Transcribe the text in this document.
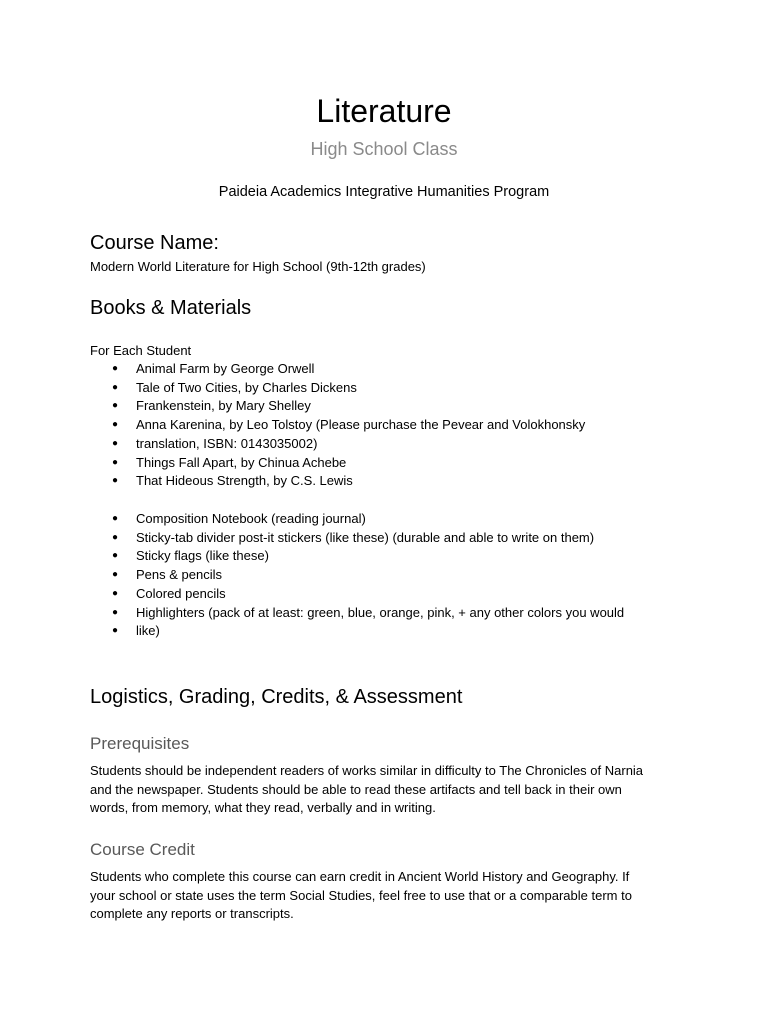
Literature
High School Class

Paideia Academics Integrative Humanities Program

Course Name:

Modern World Literature for High School (9th-12th grades)

Books & Materials

For Each Student

● Animal Farm by George Orwell
● Tale of Two Cities, by Charles Dickens
● Frankenstein, by Mary Shelley
● Anna Karenina, by Leo Tolstoy (Please purchase the Pevear and Volokhonsky
● translation, ISBN: 0143035002)
● Things Fall Apart, by Chinua Achebe
● That Hideous Strength, by C.S. Lewis
● Composition Notebook (reading journal)
● Sticky-tab divider post-it stickers (like these) (durable and able to write on them)
● Sticky flags (like these)
● Pens & pencils
● Colored pencils
● Highlighters (pack of at least: green, blue, orange, pink, + any other colors you would
● like)
Logistics, Grading, Credits, & Assessment
Prerequisites

Students should be independent readers of works similar in difficulty to The Chronicles of Narnia
and the newspaper. Students should be able to read these artifacts and tell back in their own
words, from memory, what they read, verbally and in writing.

Course Credit

Students who complete this course can earn credit in Ancient World History and Geography. If
your school or state uses the term Social Studies, feel free to use that or a comparable term to
complete any reports or transcripts.
